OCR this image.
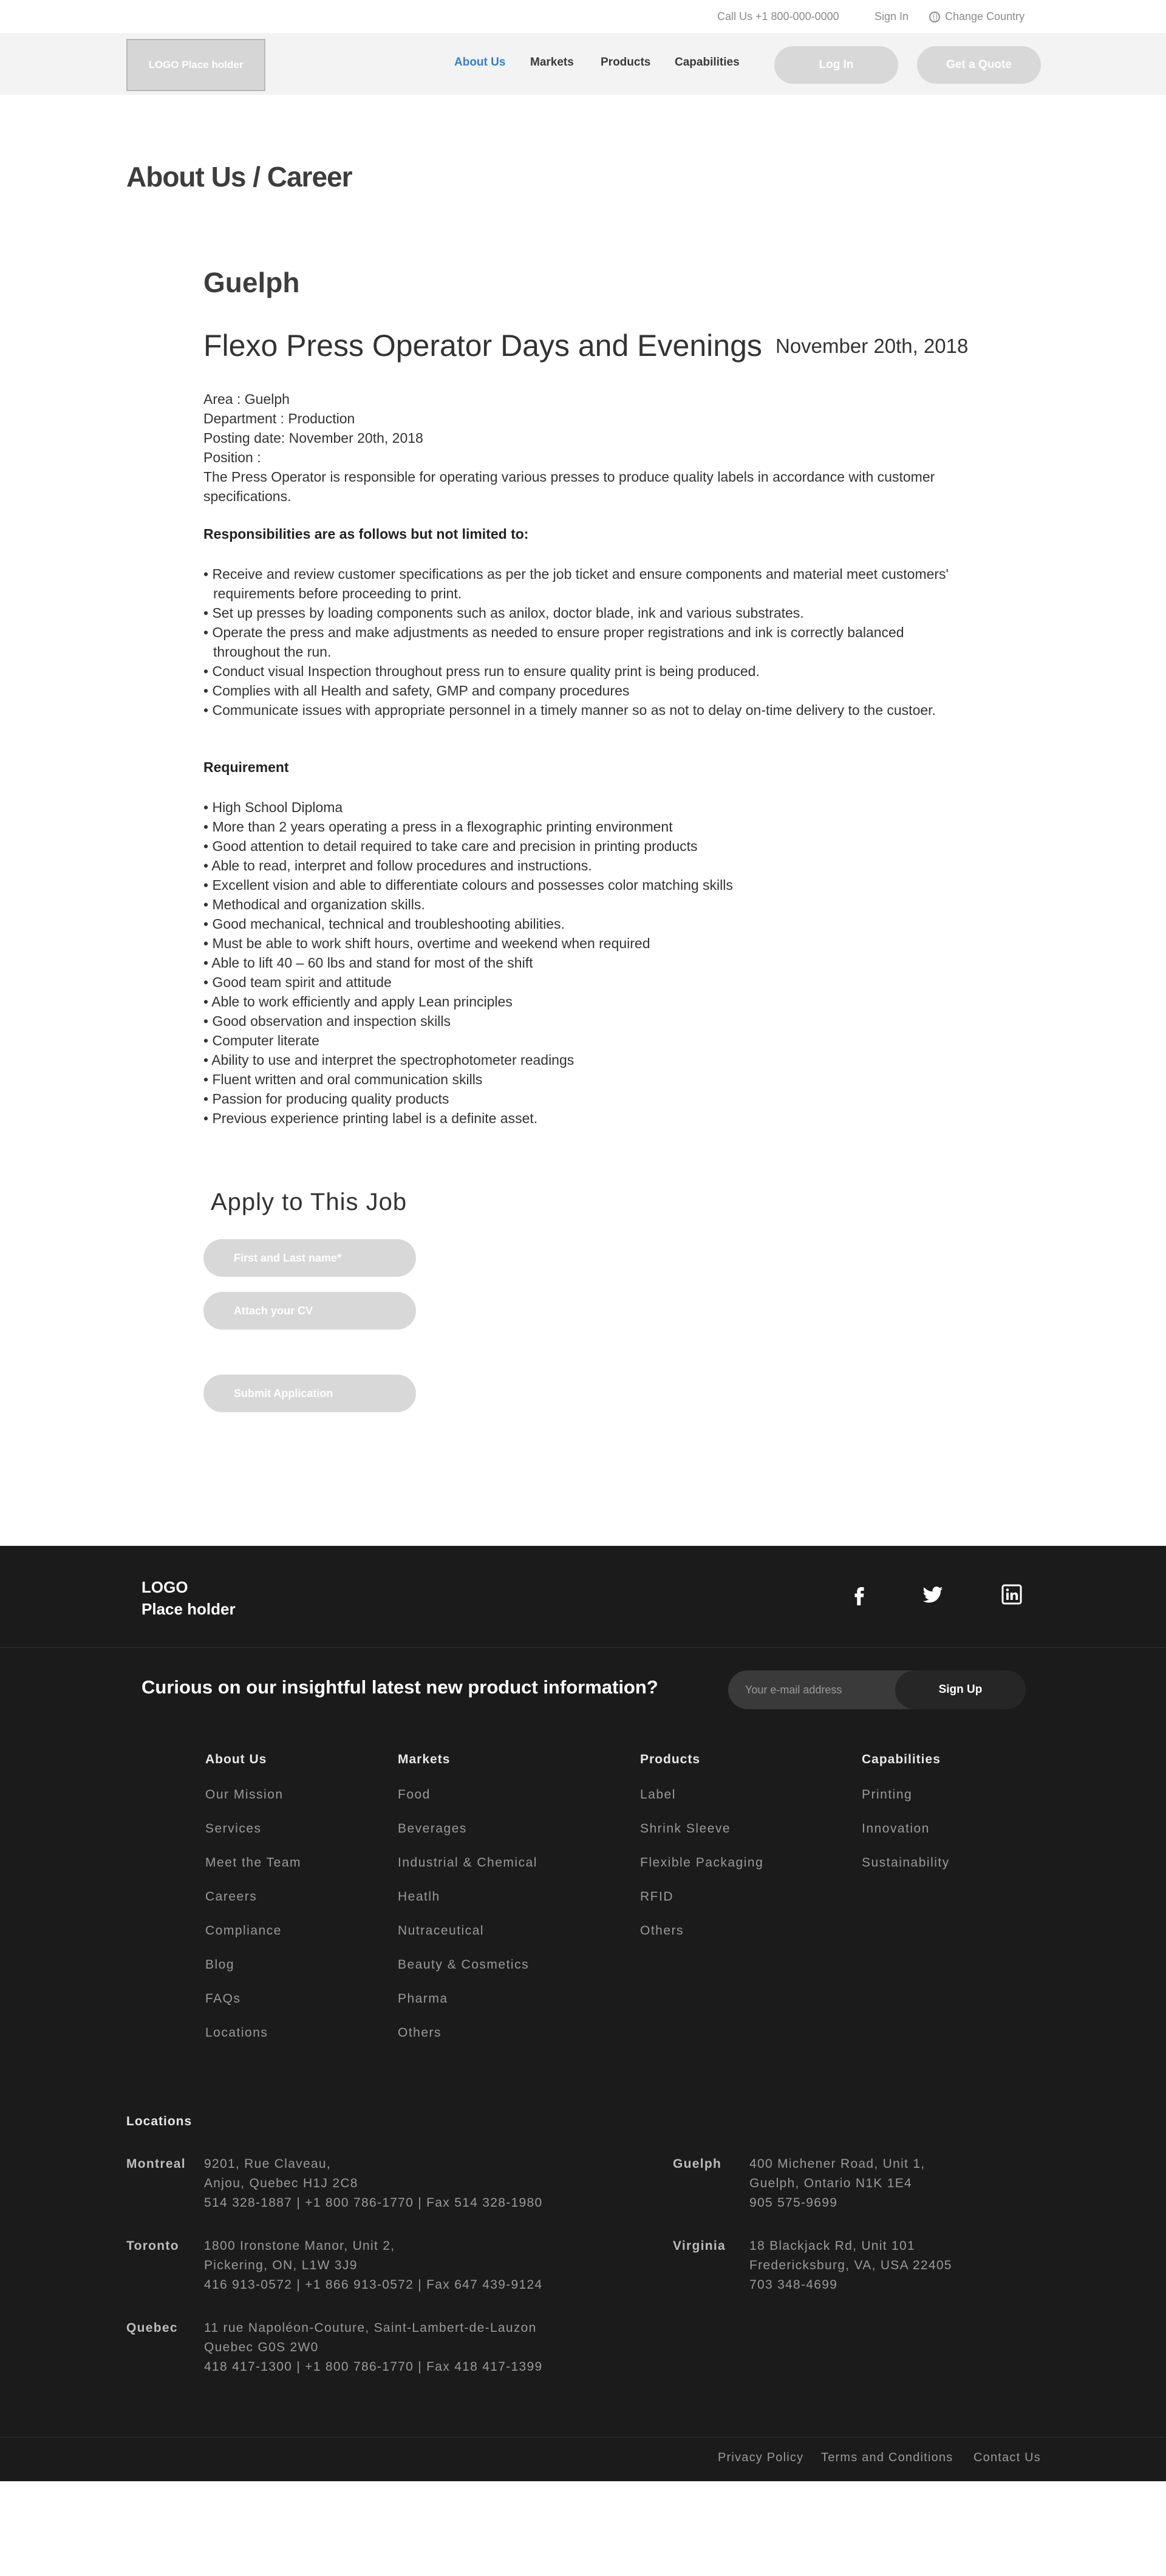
Call Us +1 800-000-0000	Sign In	Change Country
LOGO Place holder	About Us Markets Products Capabilities	Log In	Get a Quote
About Us / Career
Guelph
Flexo Press Operator Days and Evenings November 20th, 2018
Area : Guelph
Department : Production
Posting date: November 20th, 2018
Position :
The Press Operator is responsible for operating various presses to produce quality labels in accordance with customer specifications.
Responsibilities are as follows but not limited to:
• Receive and review customer specifications as per the job ticket and ensure components and material meet customers' requirements before proceeding to print.
• Set up presses by loading components such as anilox, doctor blade, ink and various substrates.
• Operate the press and make adjustments as needed to ensure proper registrations and ink is correctly balanced throughout the run.
• Conduct visual Inspection throughout press run to ensure quality print is being produced.
• Complies with all Health and safety, GMP and company procedures
• Communicate issues with appropriate personnel in a timely manner so as not to delay on-time delivery to the custoer.
Requirement
• High School Diploma
• More than 2 years operating a press in a flexographic printing environment
• Good attention to detail required to take care and precision in printing products
• Able to read, interpret and follow procedures and instructions.
• Excellent vision and able to differentiate colours and possesses color matching skills
• Methodical and organization skills.
• Good mechanical, technical and troubleshooting abilities.
• Must be able to work shift hours, overtime and weekend when required
• Able to lift 40 – 60 lbs and stand for most of the shift
• Good team spirit and attitude
• Able to work efficiently and apply Lean principles
• Good observation and inspection skills
• Computer literate
• Ability to use and interpret the spectrophotometer readings
• Fluent written and oral communication skills
• Passion for producing quality products
• Previous experience printing label is a definite asset.
Apply to This Job
First and Last name*
Attach your CV
Submit Application
LOGO
Place holder
Curious on our insightful latest new product information?
Your e-mail address	Sign Up
About Us
Our Mission
Services
Meet the Team
Careers
Compliance
Blog
FAQs
Locations
Markets
Food
Beverages
Industrial & Chemical
Heatlh
Nutraceutical
Beauty & Cosmetics
Pharma
Others
Products
Label
Shrink Sleeve
Flexible Packaging
RFID
Others
Capabilities
Printing
Innovation
Sustainability
Locations
Montreal 9201, Rue Claveau,
Anjou, Quebec H1J 2C8
514 328-1887 | +1 800 786-1770 | Fax 514 328-1980
Toronto 1800 Ironstone Manor, Unit 2,
Pickering, ON, L1W 3J9
416 913-0572 | +1 866 913-0572 | Fax 647 439-9124
Quebec 11 rue Napoléon-Couture, Saint-Lambert-de-Lauzon
Quebec G0S 2W0
418 417-1300 | +1 800 786-1770 | Fax 418 417-1399
Guelph 400 Michener Road, Unit 1,
Guelph, Ontario N1K 1E4
905 575-9699
Virginia 18 Blackjack Rd, Unit 101
Fredericksburg, VA, USA 22405
703 348-4699
Privacy Policy Terms and Conditions Contact Us
